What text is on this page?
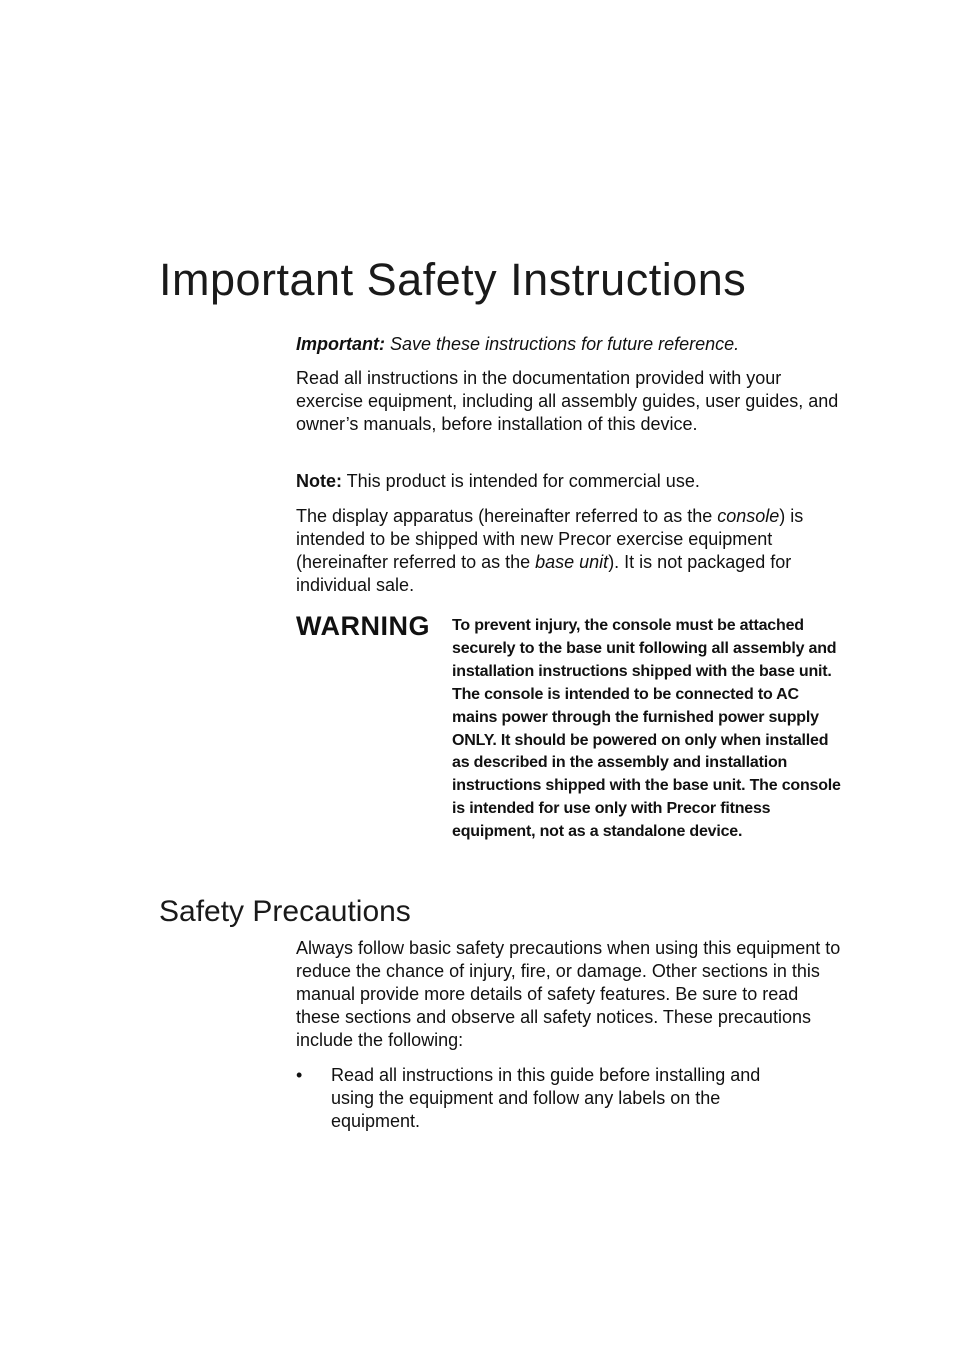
Important Safety Instructions

Important: Save these instructions for future reference.

Read all instructions in the documentation provided with your exercise equipment, including all assembly guides, user guides, and owner’s manuals, before installation of this device.

Note: This product is intended for commercial use.

The display apparatus (hereinafter referred to as the console) is intended to be shipped with new Precor exercise equipment (hereinafter referred to as the base unit). It is not packaged for individual sale.

WARNING To prevent injury, the console must be attached securely to the base unit following all assembly and installation instructions shipped with the base unit. The console is intended to be connected to AC mains power through the furnished power supply ONLY. It should be powered on only when installed as described in the assembly and installation instructions shipped with the base unit. The console is intended for use only with Precor fitness equipment, not as a standalone device.

Safety Precautions

Always follow basic safety precautions when using this equipment to reduce the chance of injury, fire, or damage. Other sections in this manual provide more details of safety features. Be sure to read these sections and observe all safety notices. These precautions include the following:

• Read all instructions in this guide before installing and using the equipment and follow any labels on the equipment.
